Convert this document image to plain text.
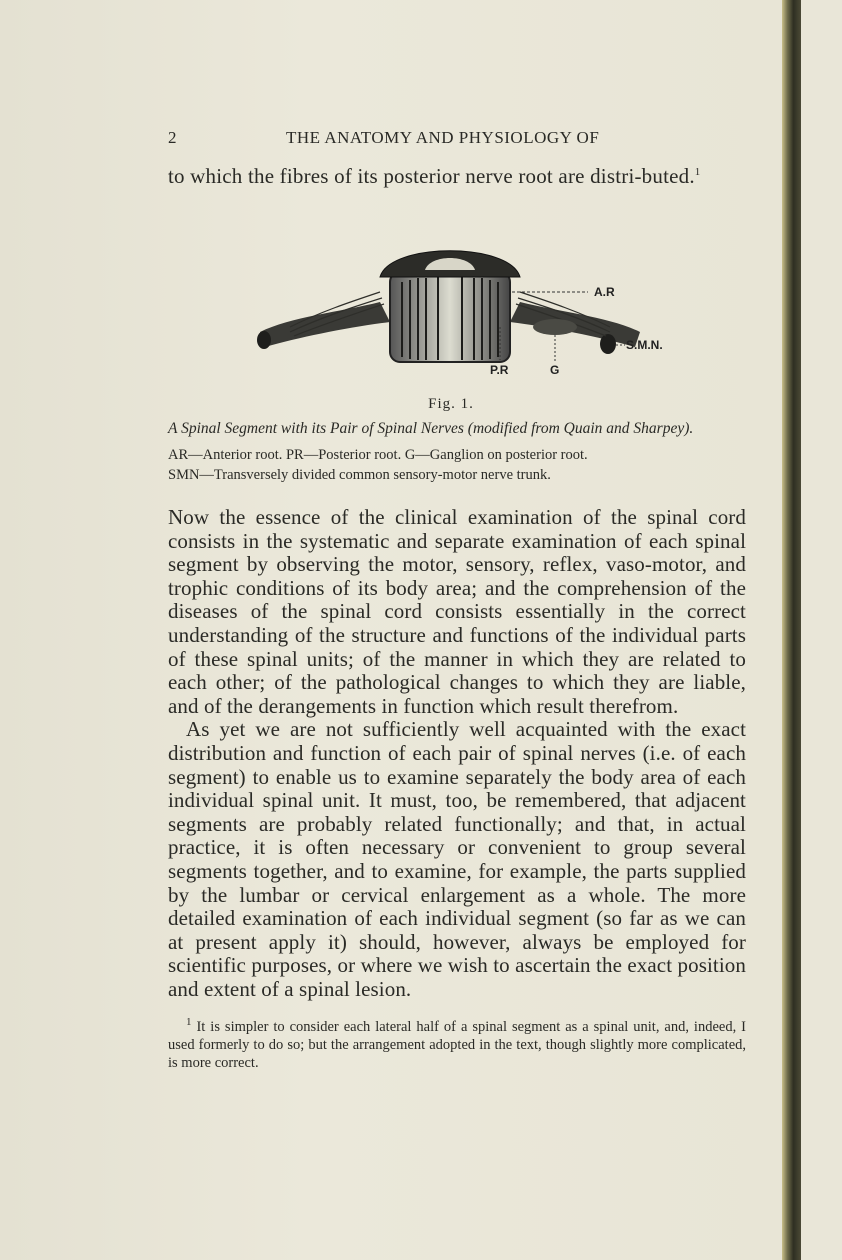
2	THE ANATOMY AND PHYSIOLOGY OF
to which the fibres of its posterior nerve root are distri-buted.$^1$
A.R
S.M.N.
P.R	G
Fig. 1.
A Spinal Segment with its Pair of Spinal Nerves (modified from Quain and Sharpey).
AR—Anterior root. PR—Posterior root. G—Ganglion on posterior root.
SMN—Transversely divided common sensory-motor nerve trunk.

Now the essence of the clinical examination of the spinal cord consists in the systematic and separate examination of each spinal segment by observing the motor, sensory, reflex, vaso-motor, and trophic conditions of its body area; and the comprehension of the diseases of the spinal cord consists essentially in the correct understanding of the structure and functions of the individual parts of these spinal units; of the manner in which they are related to each other; of the pathological changes to which they are liable, and of the derangements in function which result therefrom.

As yet we are not sufficiently well acquainted with the exact distribution and function of each pair of spinal nerves (i.e. of each segment) to enable us to examine separately the body area of each individual spinal unit. It must, too, be remembered, that adjacent segments are probably related functionally; and that, in actual practice, it is often necessary or convenient to group several segments together, and to examine, for example, the parts supplied by the lumbar or cervical enlargement as a whole. The more detailed examination of each individual segment (so far as we can at present apply it) should, however, always be employed for scientific purposes, or where we wish to ascertain the exact position and extent of a spinal lesion.

$^1$ It is simpler to consider each lateral half of a spinal segment as a spinal unit, and, indeed, I used formerly to do so; but the arrangement adopted in the text, though slightly more complicated, is more correct.
